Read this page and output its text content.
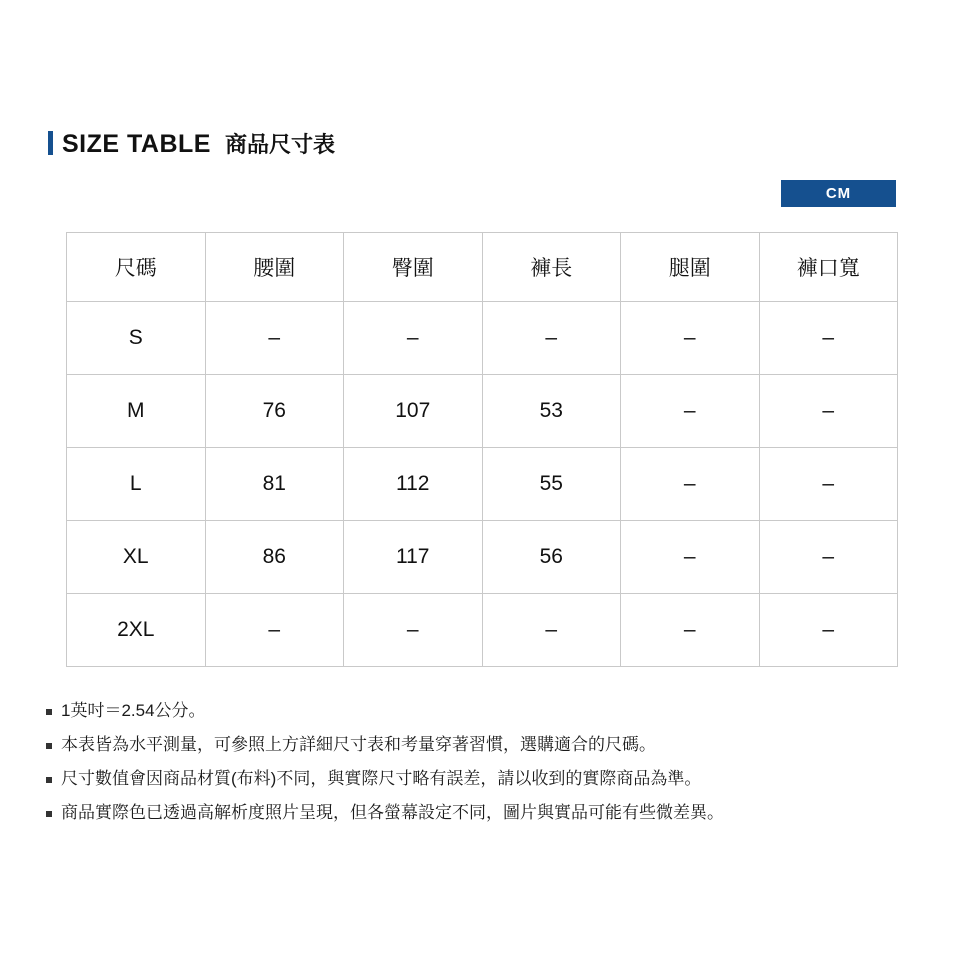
SIZE TABLE 商品尺寸表
CM
尺碼	腰圍	臀圍	褲長	腿圍	褲口寬
S	–	–	–	–	–
M	76	107	53	–	–
L	81	112	55	–	–
XL	86	117	56	–	–
2XL	–	–	–	–	–
1英吋＝2.54公分。
本表皆為水平測量，可參照上方詳細尺寸表和考量穿著習慣，選購適合的尺碼。
尺寸數值會因商品材質(布料)不同，與實際尺寸略有誤差，請以收到的實際商品為準。
商品實際色已透過高解析度照片呈現，但各螢幕設定不同，圖片與實品可能有些微差異。
